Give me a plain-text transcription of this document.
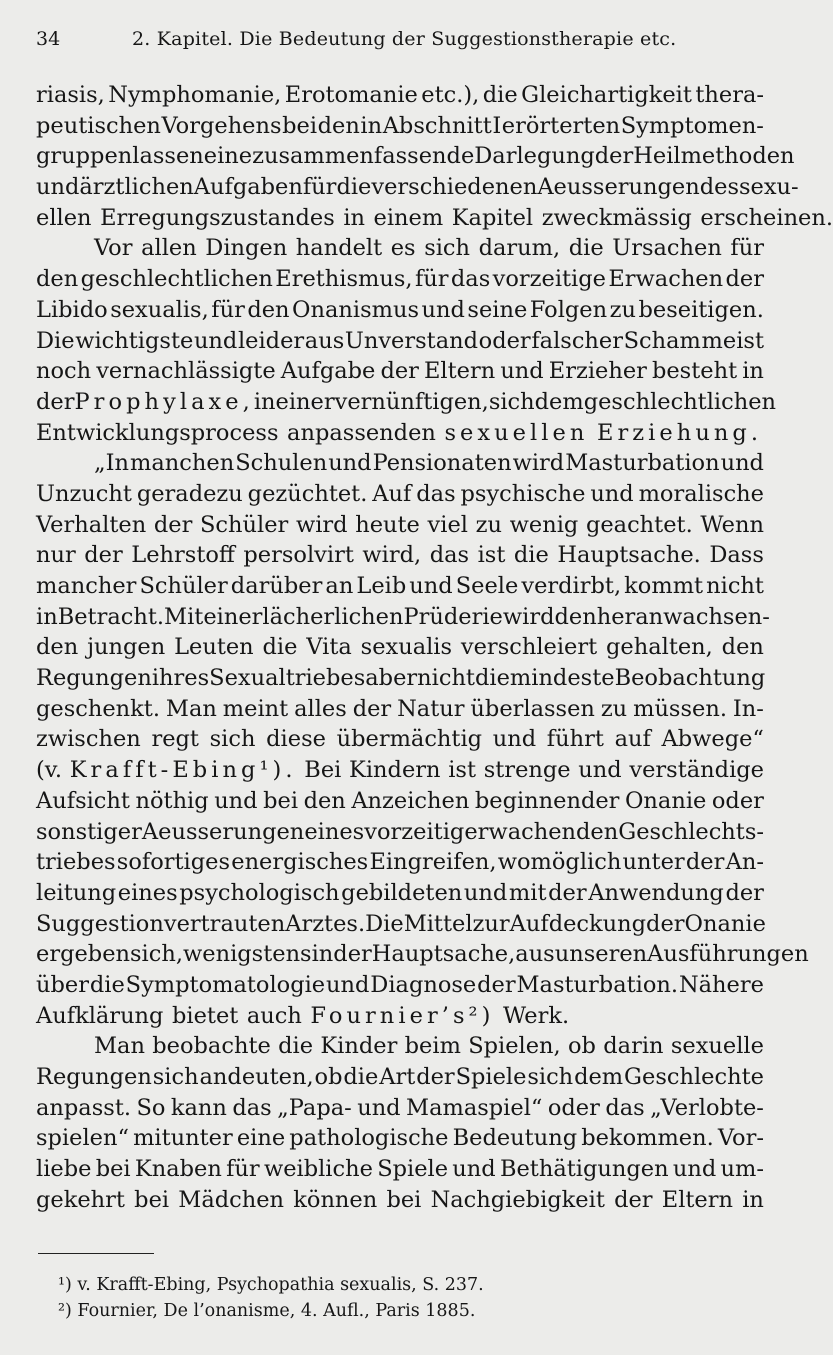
34	2. Kapitel. Die Bedeutung der Suggestionstherapie etc.
riasis, Nymphomanie, Erotomanie etc.), die Gleichartigkeit thera-
peutischen Vorgehens bei den in Abschnitt I erörterten Symptomen-
gruppen lassen eine zusammenfassende Darlegung der Heilmethoden
und ärztlichen Aufgaben für die verschiedenen Aeusserungen des sexu-
ellen Erregungszustandes in einem Kapitel zweckmässig erscheinen.
Vor allen Dingen handelt es sich darum, die Ursachen für
den geschlechtlichen Erethismus, für das vorzeitige Erwachen der
Libido sexualis, für den Onanismus und seine Folgen zu beseitigen.
Die wichtigste und leider aus Unverstand oder falscher Scham meist
noch vernachlässigte Aufgabe der Eltern und Erzieher besteht in
der Prophylaxe, in einer vernünftigen, sich dem geschlechtlichen
Entwicklungsprocess anpassenden sexuellen Erziehung.
„In manchen Schulen und Pensionaten wird Masturbation und
Unzucht geradezu gezüchtet. Auf das psychische und moralische
Verhalten der Schüler wird heute viel zu wenig geachtet. Wenn
nur der Lehrstoff persolvirt wird, das ist die Hauptsache. Dass
mancher Schüler darüber an Leib und Seele verdirbt, kommt nicht
in Betracht. Mit einer lächerlichen Prüderie wird den heranwachsen-
den jungen Leuten die Vita sexualis verschleiert gehalten, den
Regungen ihres Sexualtriebes aber nicht die mindeste Beobachtung
geschenkt. Man meint alles der Natur überlassen zu müssen. In-
zwischen regt sich diese übermächtig und führt auf Abwege“
(v. Krafft-Ebing¹). Bei Kindern ist strenge und verständige
Aufsicht nöthig und bei den Anzeichen beginnender Onanie oder
sonstiger Aeusserungen eines vorzeitig erwachenden Geschlechts-
triebes sofortiges energisches Eingreifen, womöglich unter der An-
leitung eines psychologisch gebildeten und mit der Anwendung der
Suggestion vertrauten Arztes. Die Mittel zur Aufdeckung der Onanie
ergeben sich, wenigstens in der Hauptsache, aus unseren Ausführungen
über die Symptomatologie und Diagnose der Masturbation. Nähere
Aufklärung bietet auch Fournier’s²) Werk.
Man beobachte die Kinder beim Spielen, ob darin sexuelle
Regungen sich andeuten, ob die Art der Spiele sich dem Geschlechte
anpasst. So kann das „Papa- und Mamaspiel“ oder das „Verlobte-
spielen“ mitunter eine pathologische Bedeutung bekommen. Vor-
liebe bei Knaben für weibliche Spiele und Bethätigungen und um-
gekehrt bei Mädchen können bei Nachgiebigkeit der Eltern in
¹) v. Krafft-Ebing, Psychopathia sexualis, S. 237.
²) Fournier, De l’onanisme, 4. Aufl., Paris 1885.
